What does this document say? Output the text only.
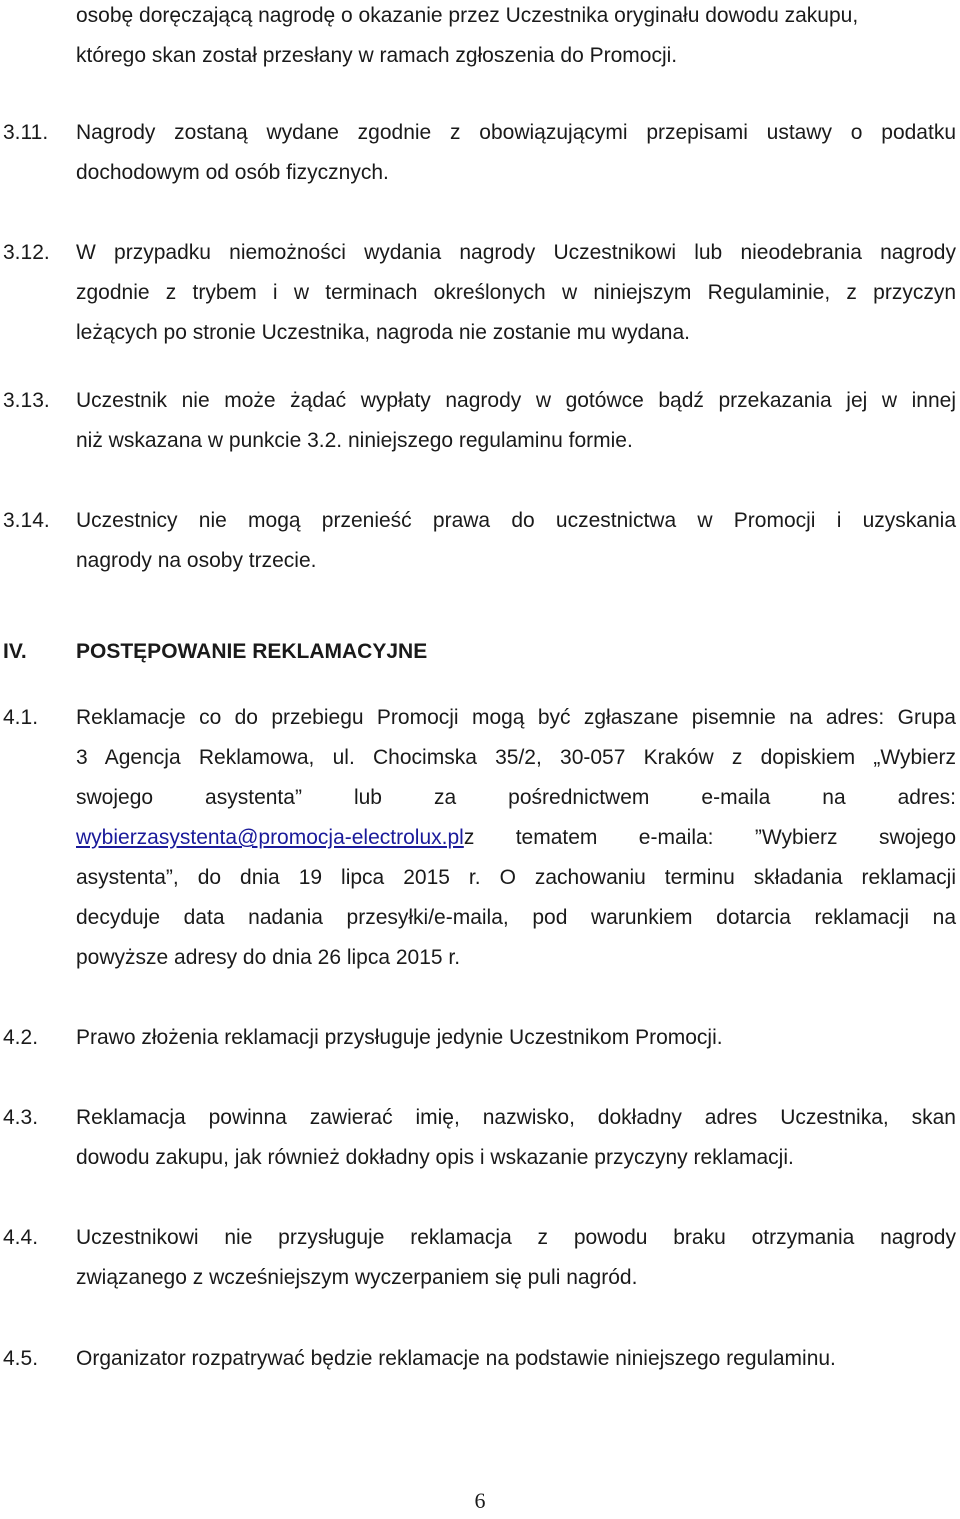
osobę doręczającą nagrodę o okazanie przez Uczestnika oryginału dowodu zakupu,
którego skan został przesłany w ramach zgłoszenia do Promocji.
3.11. Nagrody zostaną wydane zgodnie z obowiązującymi przepisami ustawy o podatku
dochodowym od osób fizycznych.
3.12. W przypadku niemożności wydania nagrody Uczestnikowi lub nieodebrania nagrody
zgodnie z trybem i w terminach określonych w niniejszym Regulaminie, z przyczyn
leżących po stronie Uczestnika, nagroda nie zostanie mu wydana.
3.13. Uczestnik nie może żądać wypłaty nagrody w gotówce bądź przekazania jej w innej
niż wskazana w punkcie 3.2. niniejszego regulaminu formie.
3.14. Uczestnicy nie mogą przenieść prawa do uczestnictwa w Promocji i uzyskania
nagrody na osoby trzecie.
IV. POSTĘPOWANIE REKLAMACYJNE
4.1. Reklamacje co do przebiegu Promocji mogą być zgłaszane pisemnie na adres: Grupa
3 Agencja Reklamowa, ul. Chocimska 35/2, 30-057 Kraków z dopiskiem „Wybierz
swojego asystenta” lub za pośrednictwem e-maila na adres:
wybierzasystenta@promocja-electrolux.pl z tematem e-maila: ”Wybierz swojego
asystenta”, do dnia 19 lipca 2015 r. O zachowaniu terminu składania reklamacji
decyduje data nadania przesyłki/e-maila, pod warunkiem dotarcia reklamacji na
powyższe adresy do dnia 26 lipca 2015 r.
4.2. Prawo złożenia reklamacji przysługuje jedynie Uczestnikom Promocji.
4.3. Reklamacja powinna zawierać imię, nazwisko, dokładny adres Uczestnika, skan
dowodu zakupu, jak również dokładny opis i wskazanie przyczyny reklamacji.
4.4. Uczestnikowi nie przysługuje reklamacja z powodu braku otrzymania nagrody
związanego z wcześniejszym wyczerpaniem się puli nagród.
4.5. Organizator rozpatrywać będzie reklamacje na podstawie niniejszego regulaminu.
6
